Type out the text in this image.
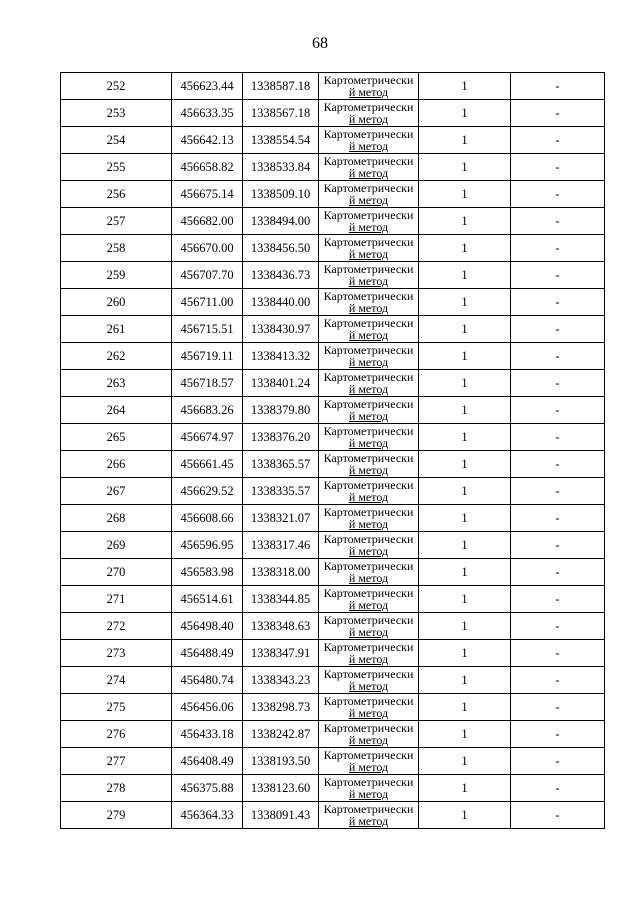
68
252	456623.44	1338587.18	Картометрически
й метод	1	-
253	456633.35	1338567.18	Картометрически
й метод	1	-
254	456642.13	1338554.54	Картометрически
й метод	1	-
255	456658.82	1338533.84	Картометрически
й метод	1	-
256	456675.14	1338509.10	Картометрически
й метод	1	-
257	456682.00	1338494.00	Картометрически
й метод	1	-
258	456670.00	1338456.50	Картометрически
й метод	1	-
259	456707.70	1338436.73	Картометрически
й метод	1	-
260	456711.00	1338440.00	Картометрически
й метод	1	-
261	456715.51	1338430.97	Картометрически
й метод	1	-
262	456719.11	1338413.32	Картометрически
й метод	1	-
263	456718.57	1338401.24	Картометрически
й метод	1	-
264	456683.26	1338379.80	Картометрически
й метод	1	-
265	456674.97	1338376.20	Картометрически
й метод	1	-
266	456661.45	1338365.57	Картометрически
й метод	1	-
267	456629.52	1338335.57	Картометрически
й метод	1	-
268	456608.66	1338321.07	Картометрически
й метод	1	-
269	456596.95	1338317.46	Картометрически
й метод	1	-
270	456583.98	1338318.00	Картометрически
й метод	1	-
271	456514.61	1338344.85	Картометрически
й метод	1	-
272	456498.40	1338348.63	Картометрически
й метод	1	-
273	456488.49	1338347.91	Картометрически
й метод	1	-
274	456480.74	1338343.23	Картометрически
й метод	1	-
275	456456.06	1338298.73	Картометрически
й метод	1	-
276	456433.18	1338242.87	Картометрически
й метод	1	-
277	456408.49	1338193.50	Картометрически
й метод	1	-
278	456375.88	1338123.60	Картометрически
й метод	1	-
279	456364.33	1338091.43	Картометрически
й метод	1	-
